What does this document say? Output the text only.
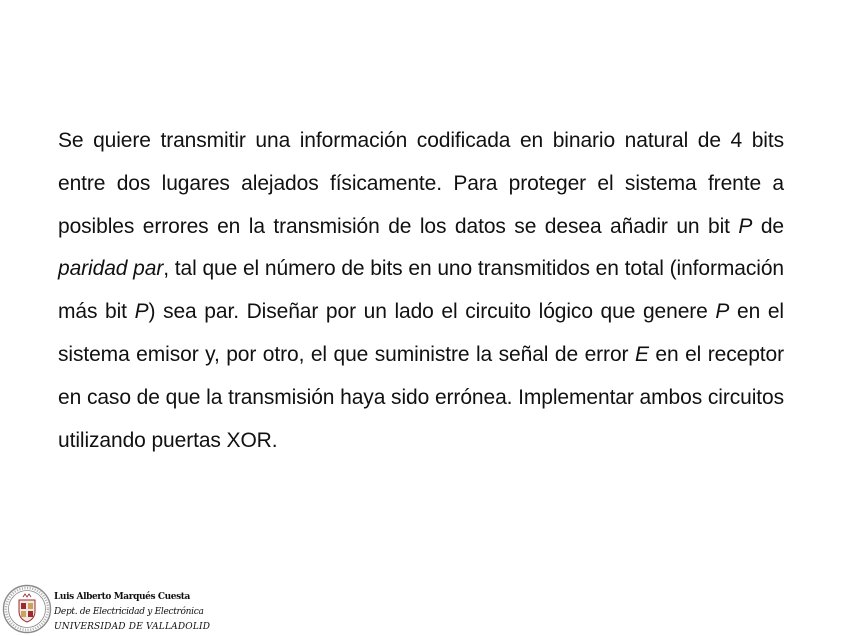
Se quiere transmitir una información codificada en binario natural de 4 bits entre dos lugares alejados físicamente. Para proteger el sistema frente a posibles errores en la transmisión de los datos se desea añadir un bit P de paridad par, tal que el número de bits en uno transmitidos en total (información más bit P) sea par. Diseñar por un lado el circuito lógico que genere P en el sistema emisor y, por otro, el que suministre la señal de error E en el receptor en caso de que la transmisión haya sido errónea. Implementar ambos circuitos utilizando puertas XOR.

Luis Alberto Marqués Cuesta
Dept. de Electricidad y Electrónica
UNIVERSIDAD DE VALLADOLID
